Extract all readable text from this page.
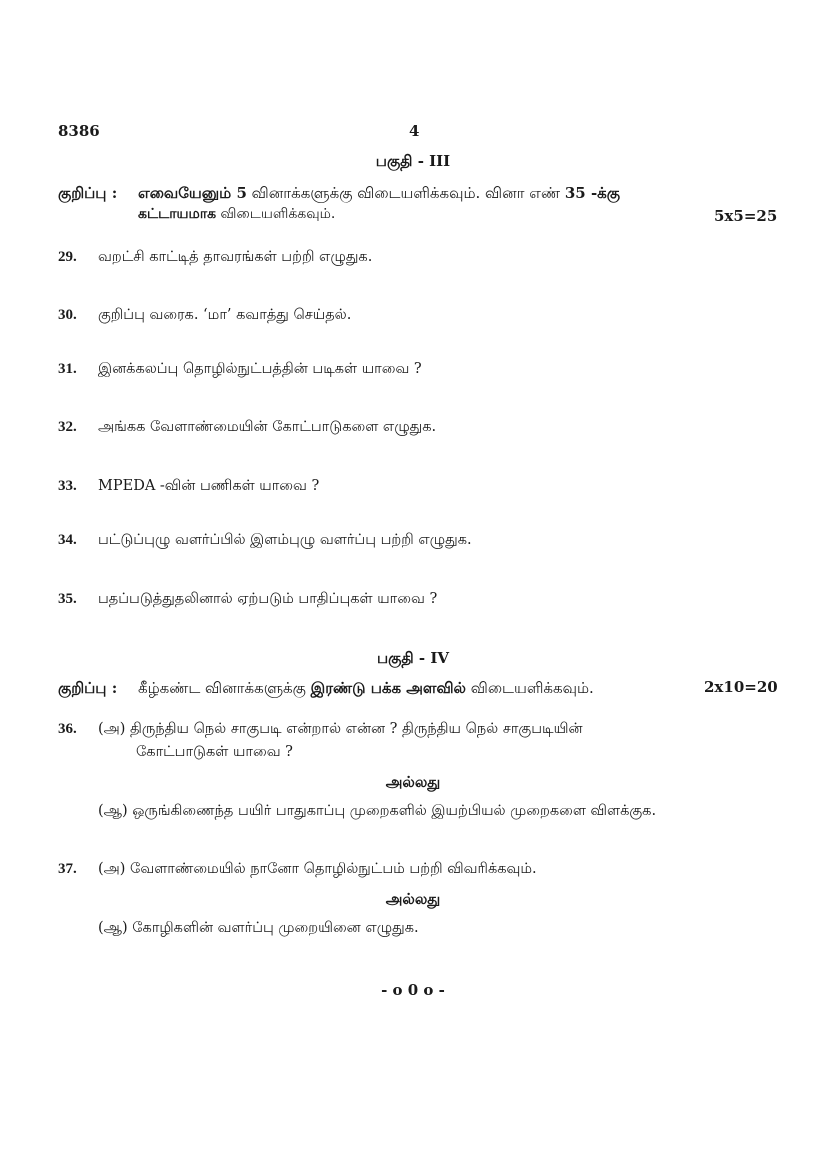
8386	4
பகுதி - III
குறிப்பு : எவையேனும் 5 வினாக்களுக்கு விடையளிக்கவும். வினா எண் 35 -க்கு
கட்டாயமாக விடையளிக்கவும்.	5x5=25
29. வறட்சி காட்டித் தாவரங்கள் பற்றி எழுதுக.
30. குறிப்பு வரைக. ‘மா’ கவாத்து செய்தல்.
31. இனக்கலப்பு தொழில்நுட்பத்தின் படிகள் யாவை ?
32. அங்கக வேளாண்மையின் கோட்பாடுகளை எழுதுக.
33. MPEDA -வின் பணிகள் யாவை ?
34. பட்டுப்புழு வளர்ப்பில் இளம்புழு வளர்ப்பு பற்றி எழுதுக.
35. பதப்படுத்துதலினால் ஏற்படும் பாதிப்புகள் யாவை ?
பகுதி - IV
குறிப்பு : கீழ்கண்ட வினாக்களுக்கு இரண்டு பக்க அளவில் விடையளிக்கவும்.	2x10=20
36. (அ) திருந்திய நெல் சாகுபடி என்றால் என்ன ? திருந்திய நெல் சாகுபடியின்
கோட்பாடுகள் யாவை ?
அல்லது
(ஆ) ஒருங்கிணைந்த பயிர் பாதுகாப்பு முறைகளில் இயற்பியல் முறைகளை விளக்குக.
37. (அ) வேளாண்மையில் நானோ தொழில்நுட்பம் பற்றி விவரிக்கவும்.
அல்லது
(ஆ) கோழிகளின் வளர்ப்பு முறையினை எழுதுக.
- o 0 o -
